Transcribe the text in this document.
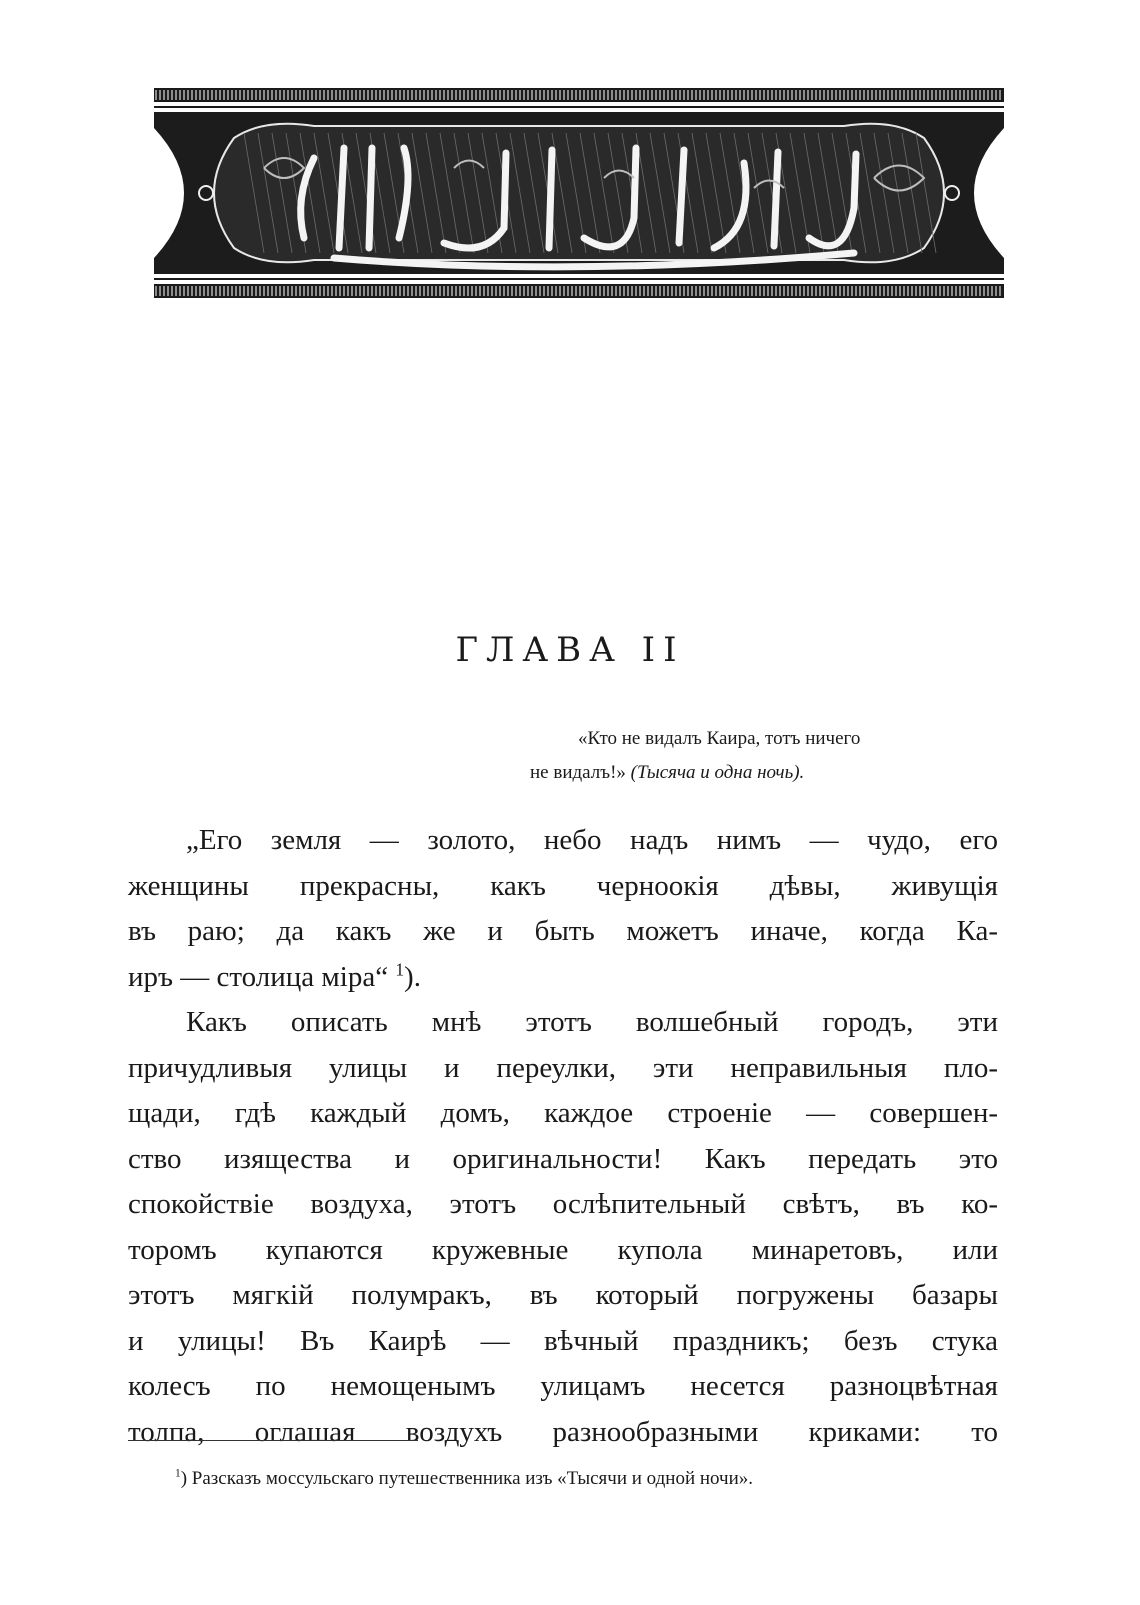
ГЛАВА II
«Кто не видалъ Каира, тотъ ничего
не видалъ!» (Тысяча и одна ночь).

„Его земля — золото, небо надъ нимъ — чудо, его
женщины прекрасны, какъ черноокія дѣвы, живущія
въ раю; да какъ же и быть можетъ иначе, когда Ка-
иръ — столица міра“ $^1$).

Какъ описать мнѣ этотъ волшебный городъ, эти
причудливыя улицы и переулки, эти неправильныя пло-
щади, гдѣ каждый домъ, каждое строеніе — совершен-
ство изящества и оригинальности! Какъ передать это
спокойствіе воздуха, этотъ ослѣпительный свѣтъ, въ ко-
торомъ купаются кружевные купола минаретовъ, или
этотъ мягкій полумракъ, въ который погружены базары
и улицы! Въ Каирѣ — вѣчный праздникъ; безъ стука
колесъ по немощенымъ улицамъ несется разноцвѣтная
толпа, оглашая воздухъ разнообразными криками: то

$^1$) Разсказъ моссульскаго путешественника изъ «Тысячи и одной ночи».
